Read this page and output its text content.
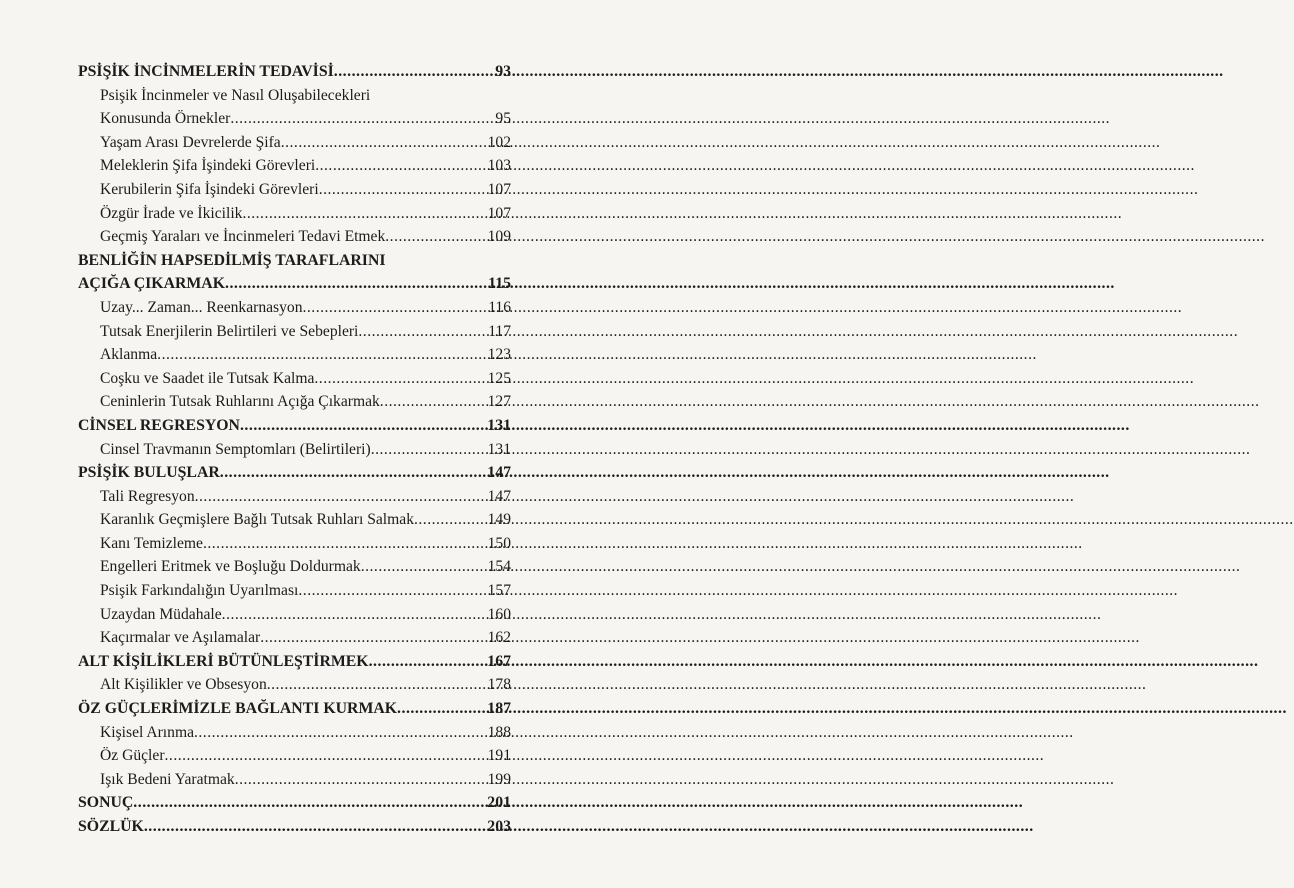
PSİŞİK İNCİNMELERİN TEDAVİSİ .....	93
Psişik İncinmeler ve Nasıl Oluşabilecekleri
Konusunda Örnekler .....	95
Yaşam Arası Devrelerde Şifa .....	102
Meleklerin Şifa İşindeki Görevleri .....	103
Kerubilerin Şifa İşindeki Görevleri .....	107
Özgür İrade ve İkicilik .....	107
Geçmiş Yaraları ve İncinmeleri Tedavi Etmek .....	109
BENLİĞİN HAPSEDİLMİŞ TARAFLARINI
AÇIĞA ÇIKARMAK .....	115
Uzay... Zaman... Reenkarnasyon .....	116
Tutsak Enerjilerin Belirtileri ve Sebepleri .....	117
Aklanma .....	123
Coşku ve Saadet ile Tutsak Kalma .....	125
Ceninlerin Tutsak Ruhlarını Açığa Çıkarmak .....	127
CİNSEL REGRESYON .....	131
Cinsel Travmanın Semptomları (Belirtileri) .....	131
PSİŞİK BULUŞLAR .....	147
Tali Regresyon .....	147
Karanlık Geçmişlere Bağlı Tutsak Ruhları Salmak .....	149
Kanı Temizleme .....	150
Engelleri Eritmek ve Boşluğu Doldurmak .....	154
Psişik Farkındalığın Uyarılması .....	157
Uzaydan Müdahale .....	160
Kaçırmalar ve Aşılamalar .....	162
ALT KİŞİLİKLERİ BÜTÜNLEŞTİRMEK .....	167
Alt Kişilikler ve Obsesyon .....	178
ÖZ GÜÇLERİMİZLE BAĞLANTI KURMAK .....	187
Kişisel Arınma .....	188
Öz Güçler .....	191
Işık Bedeni Yaratmak .....	199
SONUÇ .....	201
SÖZLÜK .....	203
